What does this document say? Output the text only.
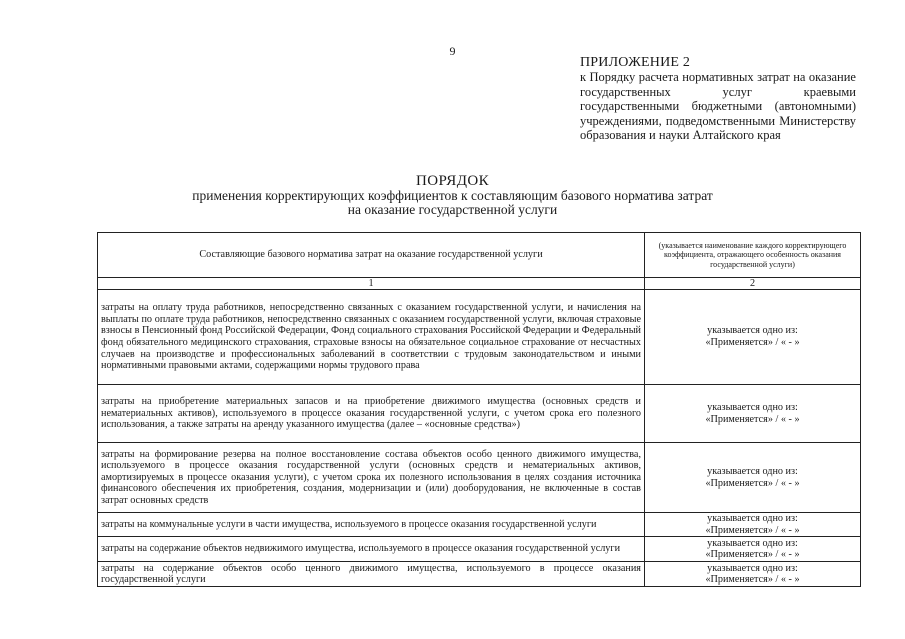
9
ПРИЛОЖЕНИЕ 2
к Порядку расчета нормативных затрат на оказание государственных услуг краевыми государственными бюджетными (автономными) учреждениями, подведомственными Министерству образования и науки Алтайского края
ПОРЯДОК
применения корректирующих коэффициентов к составляющим базового норматива затрат
на оказание государственной услуги
Составляющие базового норматива затрат на оказание государственной услуги	(указывается наименование каждого корректирующего коэффициента, отражающего особенность оказания государственной услуги)
1	2
затраты на оплату труда работников, непосредственно связанных с оказанием государственной услуги, и начисления на выплаты по оплате труда работников, непосредственно связанных с оказанием государственной услуги, включая страховые взносы в Пенсионный фонд Российской Федерации, Фонд социального страхования Российской Федерации и Федеральный фонд обязательного медицинского страхования, страховые взносы на обязательное социальное страхование от несчастных случаев на производстве и профессиональных заболеваний в соответствии с трудовым законодательством и иными нормативными правовыми актами, содержащими нормы трудового права	указывается одно из:
«Применяется» / « - »

затраты на приобретение материальных запасов и на приобретение движимого имущества (основных средств и нематериальных активов), используемого в процессе оказания государственной услуги, с учетом срока его полезного использования, а также затраты на аренду указанного имущества (далее – «основные средства»)	указывается одно из:
«Применяется» / « - »

затраты на формирование резерва на полное восстановление состава объектов особо ценного движимого имущества, используемого в процессе оказания государственной услуги (основных средств и нематериальных активов, амортизируемых в процессе оказания услуги), с учетом срока их полезного использования в целях создания источника финансового обеспечения их приобретения, создания, модернизации и (или) дооборудования, не включенные в состав затрат основных средств	указывается одно из:
«Применяется» / « - »

затраты на коммунальные услуги в части имущества, используемого в процессе оказания государственной услуги	указывается одно из:
«Применяется» / « - »

затраты на содержание объектов недвижимого имущества, используемого в процессе оказания государственной услуги	указывается одно из:
«Применяется» / « - »

затраты на содержание объектов особо ценного движимого имущества, используемого в процессе оказания государственной услуги	указывается одно из:
«Применяется» / « - »
